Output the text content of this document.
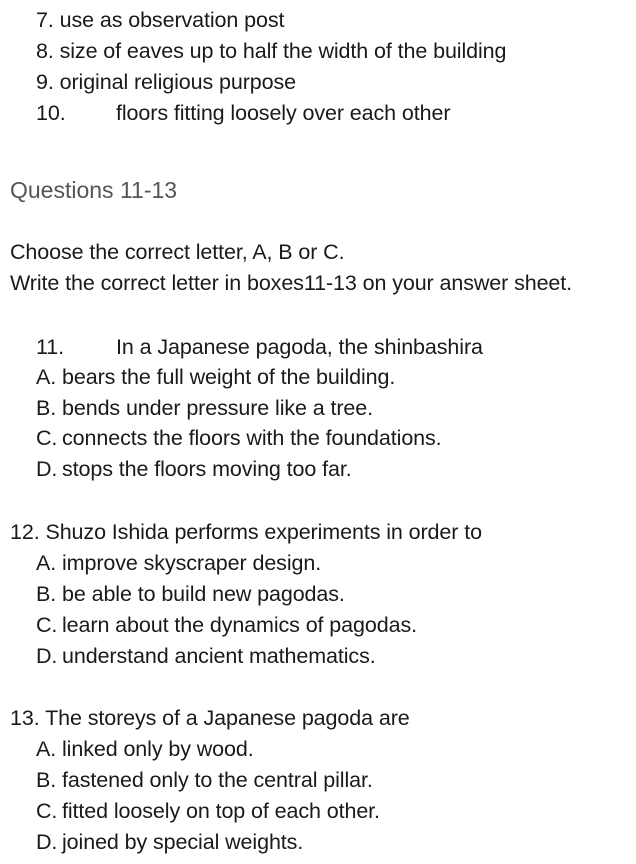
7. use as observation post
8. size of eaves up to half the width of the building
9. original religious purpose
10. floors fitting loosely over each other
Questions 11-13
Choose the correct letter, A, B or C.
Write the correct letter in boxes11-13 on your answer sheet.
11. In a Japanese pagoda, the shinbashira
A. bears the full weight of the building.
B. bends under pressure like a tree.
C. connects the floors with the foundations.
D. stops the floors moving too far.
12. Shuzo Ishida performs experiments in order to
A. improve skyscraper design.
B. be able to build new pagodas.
C. learn about the dynamics of pagodas.
D. understand ancient mathematics.
13. The storeys of a Japanese pagoda are
A. linked only by wood.
B. fastened only to the central pillar.
C. fitted loosely on top of each other.
D. joined by special weights.
